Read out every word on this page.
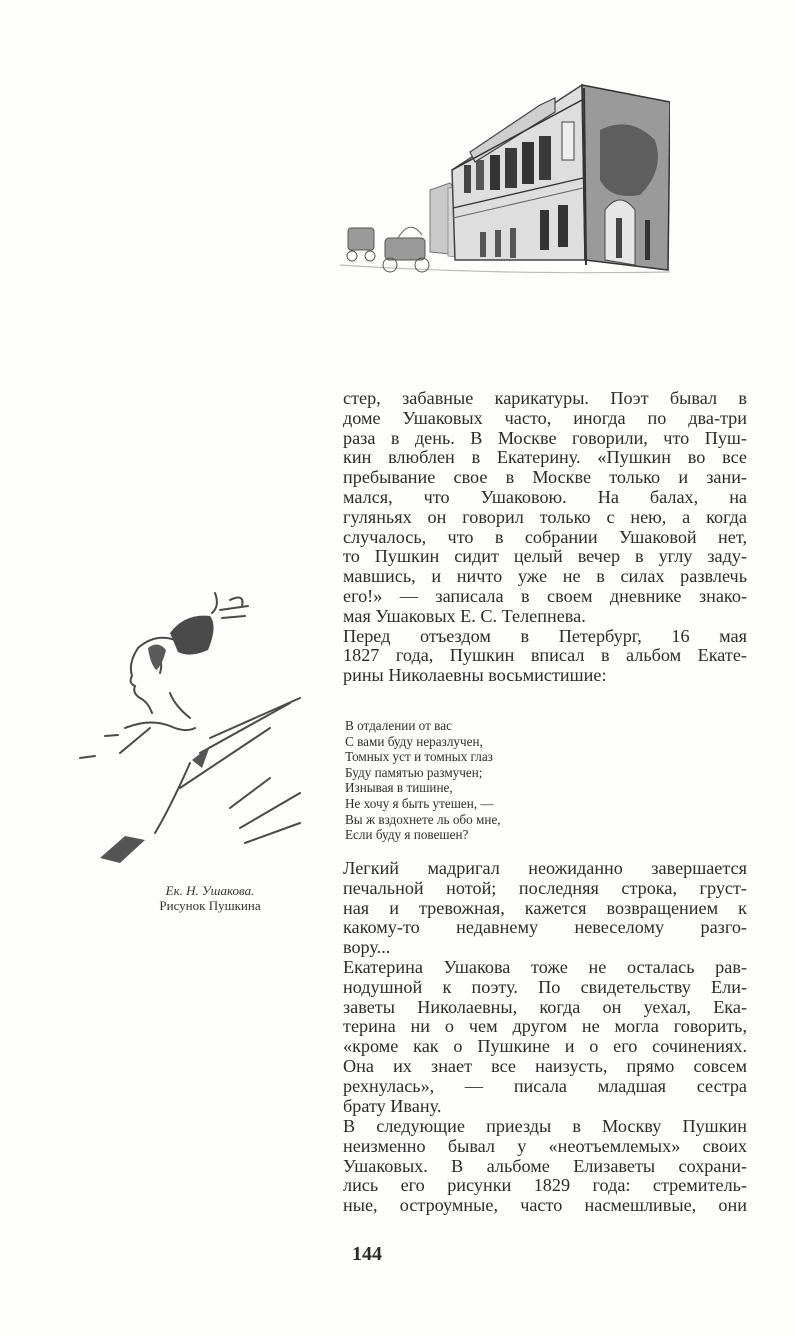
Ек. Н. Ушакова.
Рисунок Пушкина
стер, забавные карикатуры. Поэт бывал в
доме Ушаковых часто, иногда по два-три
раза в день. В Москве говорили, что Пуш-
кин влюблен в Екатерину. «Пушкин во все
пребывание свое в Москве только и зани-
мался, что Ушаковою. На балах, на
гуляньях он говорил только с нею, а когда
случалось, что в собрании Ушаковой нет,
то Пушкин сидит целый вечер в углу заду-
мавшись, и ничто уже не в силах развлечь
его!» — записала в своем дневнике знако-
мая Ушаковых Е. С. Телепнева.
Перед отъездом в Петербург, 16 мая
1827 года, Пушкин вписал в альбом Екате-
рины Николаевны восьмистишие:
В отдалении от вас
С вами буду неразлучен,
Томных уст и томных глаз
Буду памятью размучен;
Изнывая в тишине,
Не хочу я быть утешен, —
Вы ж вздохнете ль обо мне,
Если буду я повешен?
Легкий мадригал неожиданно завершается
печальной нотой; последняя строка, груст-
ная и тревожная, кажется возвращением к
какому-то недавнему невеселому разго-
вору...
Екатерина Ушакова тоже не осталась рав-
нодушной к поэту. По свидетельству Ели-
заветы Николаевны, когда он уехал, Ека-
терина ни о чем другом не могла говорить,
«кроме как о Пушкине и о его сочинениях.
Она их знает все наизусть, прямо совсем
рехнулась», — писала младшая сестра
брату Ивану.
В следующие приезды в Москву Пушкин
неизменно бывал у «неотъемлемых» своих
Ушаковых. В альбоме Елизаветы сохрани-
лись его рисунки 1829 года: стремитель-
ные, остроумные, часто насмешливые, они
144
